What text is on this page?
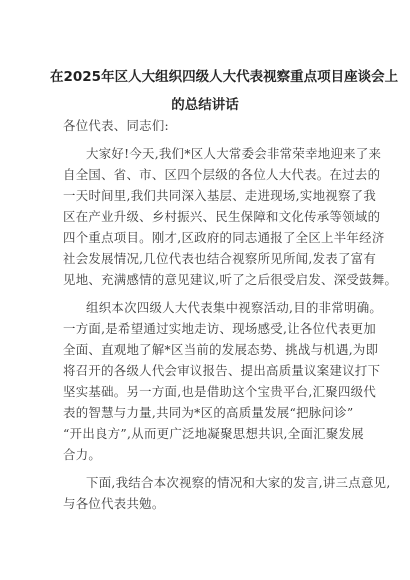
在2025年区人大组织四级人大代表视察重点项目座谈会上
的总结讲话
各位代表、同志们:
大家好!今天,我们*区人大常委会非常荣幸地迎来了来
自全国、省、市、区四个层级的各位人大代表。在过去的
一天时间里,我们共同深入基层、走进现场,实地视察了我
区在产业升级、乡村振兴、民生保障和文化传承等领域的
四个重点项目。刚才,区政府的同志通报了全区上半年经济
社会发展情况,几位代表也结合视察所见所闻,发表了富有
见地、充满感情的意见建议,听了之后很受启发、深受鼓舞。
组织本次四级人大代表集中视察活动,目的非常明确。
一方面,是希望通过实地走访、现场感受,让各位代表更加
全面、直观地了解*区当前的发展态势、挑战与机遇,为即
将召开的各级人代会审议报告、提出高质量议案建议打下
坚实基础。另一方面,也是借助这个宝贵平台,汇聚四级代
表的智慧与力量,共同为*区的高质量发展“把脉问诊”
“开出良方”,从而更广泛地凝聚思想共识,全面汇聚发展
合力。
下面,我结合本次视察的情况和大家的发言,讲三点意见,
与各位代表共勉。
